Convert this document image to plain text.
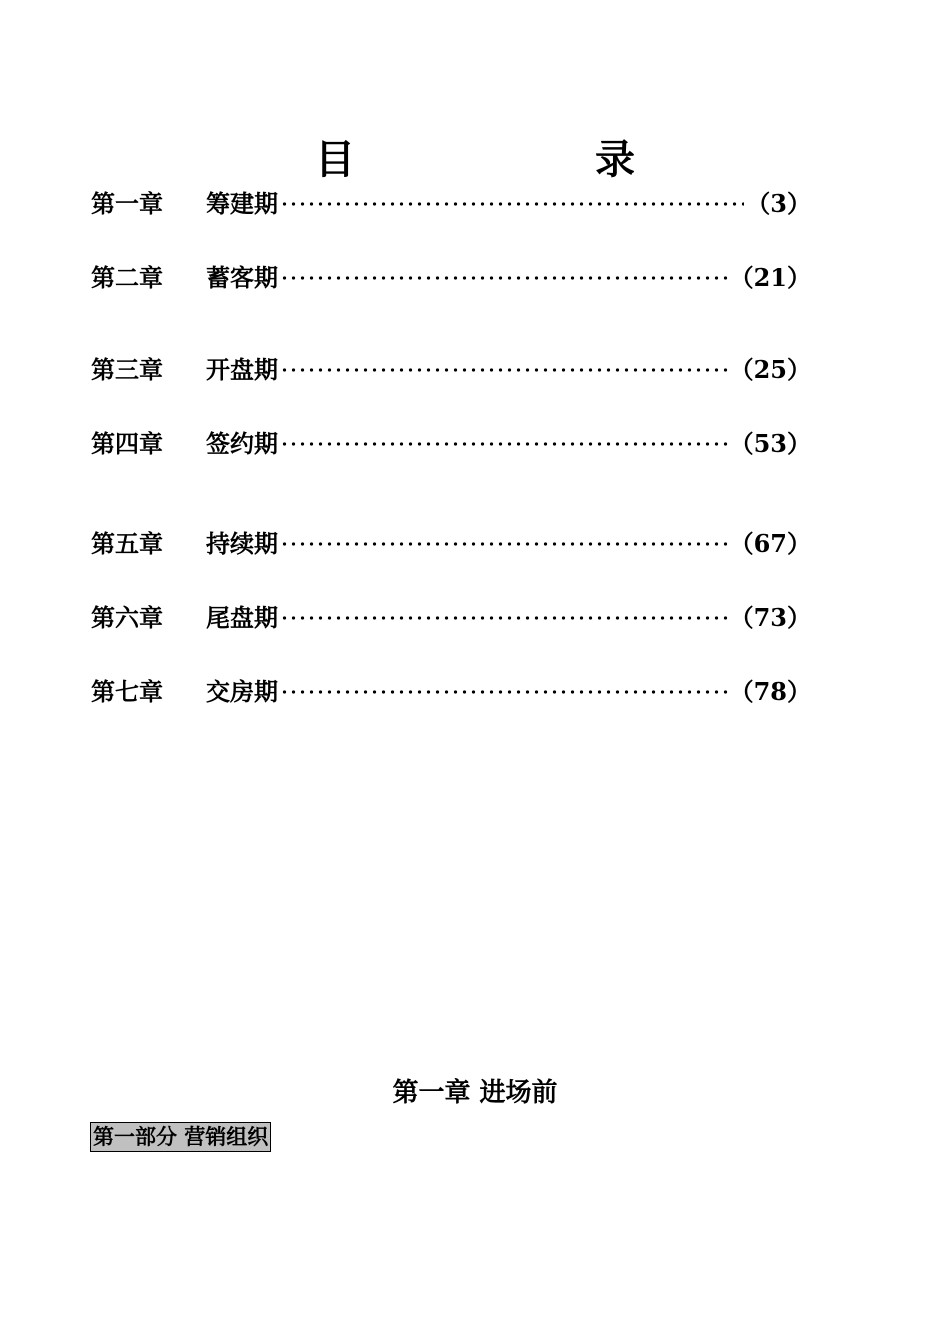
目　录
第一章	筹建期	（3）
第二章	蓄客期	（21）
第三章	开盘期	（25）
第四章	签约期	（53）
第五章	持续期	（67）
第六章	尾盘期	（73）
第七章	交房期	（78）
第一章 进场前
第一部分 营销组织
